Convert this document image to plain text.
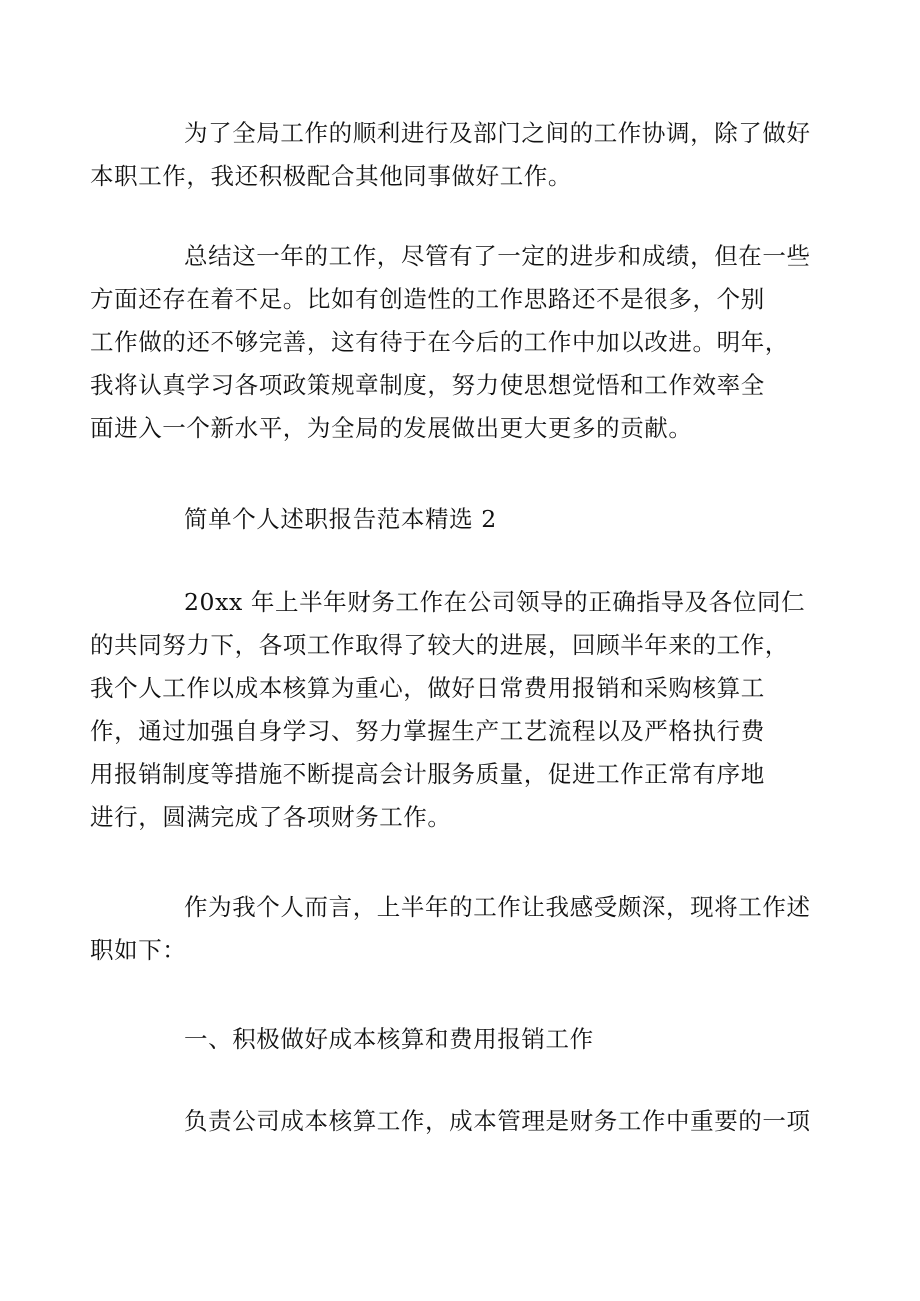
为了全局工作的顺利进行及部门之间的工作协调，除了做好
本职工作，我还积极配合其他同事做好工作。

总结这一年的工作，尽管有了一定的进步和成绩，但在一些
方面还存在着不足。比如有创造性的工作思路还不是很多，个别
工作做的还不够完善，这有待于在今后的工作中加以改进。明年，
我将认真学习各项政策规章制度，努力使思想觉悟和工作效率全
面进入一个新水平，为全局的发展做出更大更多的贡献。

简单个人述职报告范本精选 2

20xx 年上半年财务工作在公司领导的正确指导及各位同仁
的共同努力下，各项工作取得了较大的进展，回顾半年来的工作，
我个人工作以成本核算为重心，做好日常费用报销和采购核算工
作，通过加强自身学习、努力掌握生产工艺流程以及严格执行费
用报销制度等措施不断提高会计服务质量，促进工作正常有序地
进行，圆满完成了各项财务工作。

作为我个人而言，上半年的工作让我感受颇深，现将工作述
职如下：

一、积极做好成本核算和费用报销工作

负责公司成本核算工作，成本管理是财务工作中重要的一项
